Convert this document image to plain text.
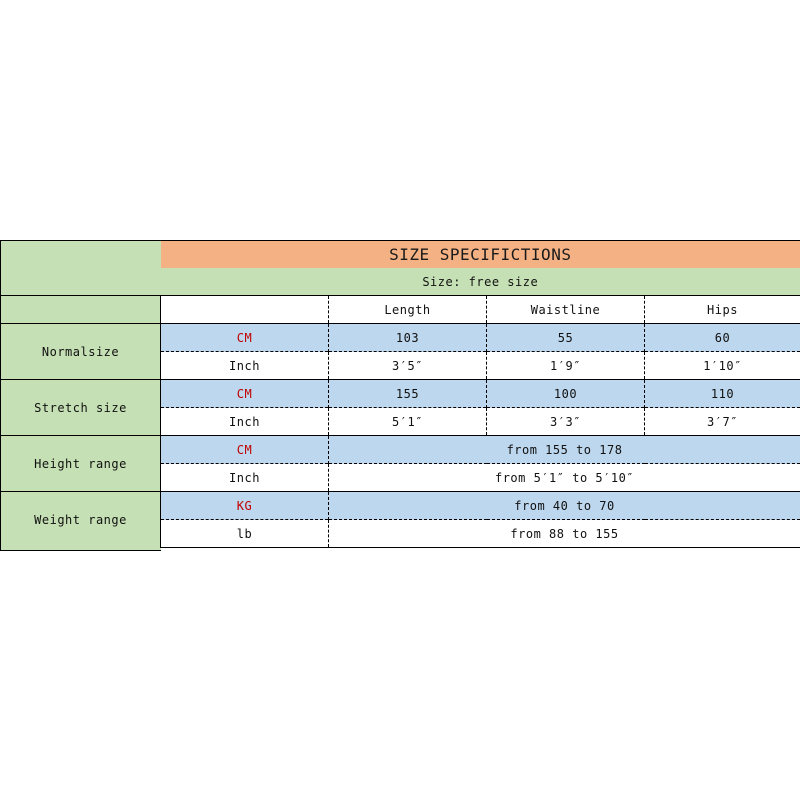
	SIZE SPECIFICTIONS			
	Size: free size			
		Length	Waistline	Hips
Normalsize	CM	103	55	60
	Inch	3′5″	1′9″	1′10″
Stretch size	CM	155	100	110
	Inch	5′1″	3′3″	3′7″
Height range	CM	from 155 to 178		
	Inch	from 5′1″ to 5′10″		
Weight range	KG	from 40 to 70		
	lb	from 88 to 155		
